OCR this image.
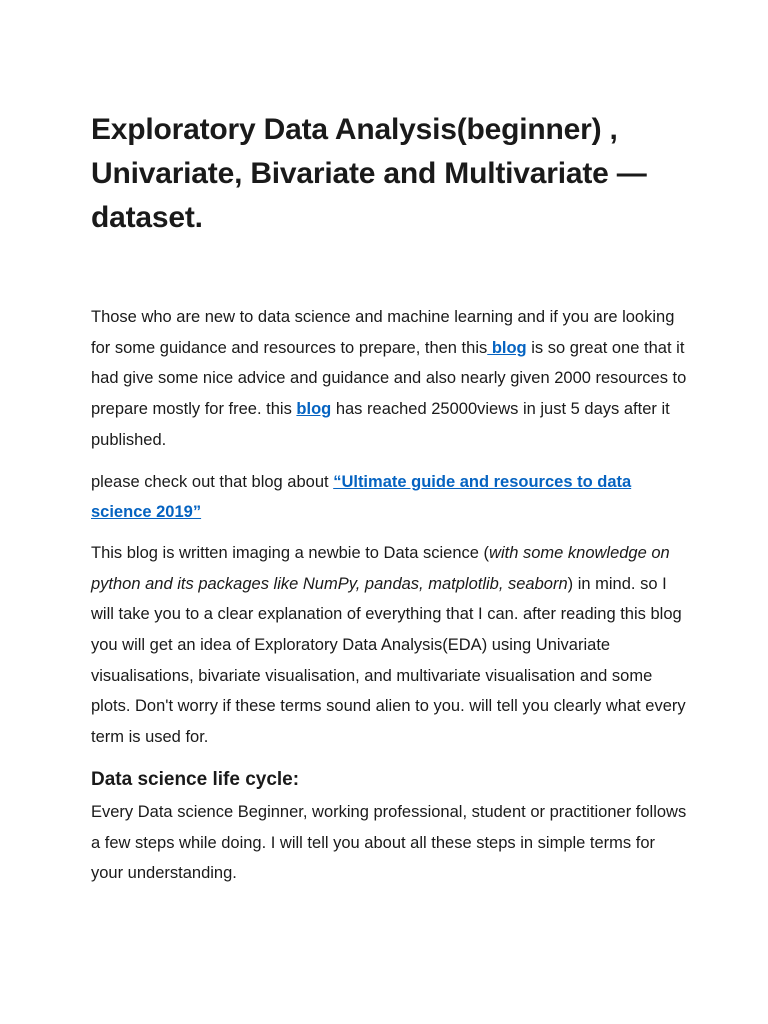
Exploratory Data Analysis(beginner) , Univariate, Bivariate and Multivariate — dataset.

Those who are new to data science and machine learning and if you are looking for some guidance and resources to prepare, then this blog is so great one that it had give some nice advice and guidance and also nearly given 2000 resources to prepare mostly for free. this blog has reached 25000views in just 5 days after it published.

please check out that blog about “Ultimate guide and resources to data science 2019”

This blog is written imaging a newbie to Data science (with some knowledge on python and its packages like NumPy, pandas, matplotlib, seaborn) in mind. so I will take you to a clear explanation of everything that I can. after reading this blog you will get an idea of Exploratory Data Analysis(EDA) using Univariate visualisations, bivariate visualisation, and multivariate visualisation and some plots. Don't worry if these terms sound alien to you. will tell you clearly what every term is used for.

Data science life cycle:

Every Data science Beginner, working professional, student or practitioner follows a few steps while doing. I will tell you about all these steps in simple terms for your understanding.
